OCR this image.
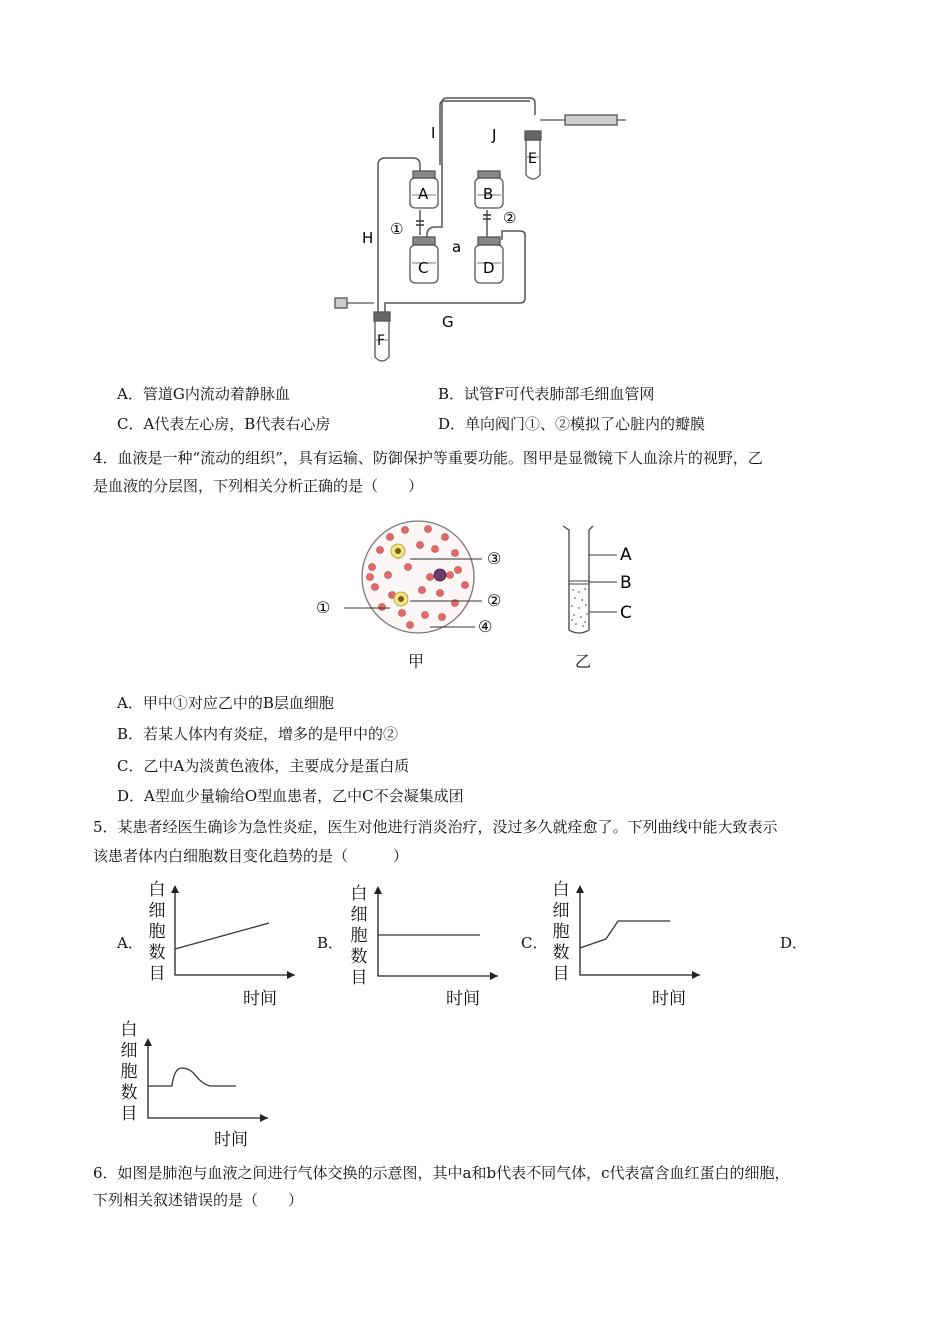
A	B
C	D
E
F
G
H
I	J
a
①
②
A．管道G内流动着静脉血	B．试管F可代表肺部毛细血管网
C．A代表左心房，B代表右心房	D．单向阀门①、②模拟了心脏内的瓣膜
4．血液是一种“流动的组织”，具有运输、防御保护等重要功能。图甲是显微镜下人血涂片的视野，乙
是血液的分层图，下列相关分析正确的是（　　）
③
②
①
④
甲
A
B
C
乙
A．甲中①对应乙中的B层血细胞
B．若某人体内有炎症，增多的是甲中的②
C．乙中A为淡黄色液体，主要成分是蛋白质
D．A型血少量输给O型血患者，乙中C不会凝集成团
5．某患者经医生确诊为急性炎症，医生对他进行消炎治疗，没过多久就痊愈了。下列曲线中能大致表示
该患者体内白细胞数目变化趋势的是（　　　）
A．
白细胞数目
时间
B．
白细胞数目
时间
C．
白细胞数目
时间
D．
白细胞数目
时间
6．如图是肺泡与血液之间进行气体交换的示意图，其中a和b代表不同气体，c代表富含血红蛋白的细胞，
下列相关叙述错误的是（　　）
